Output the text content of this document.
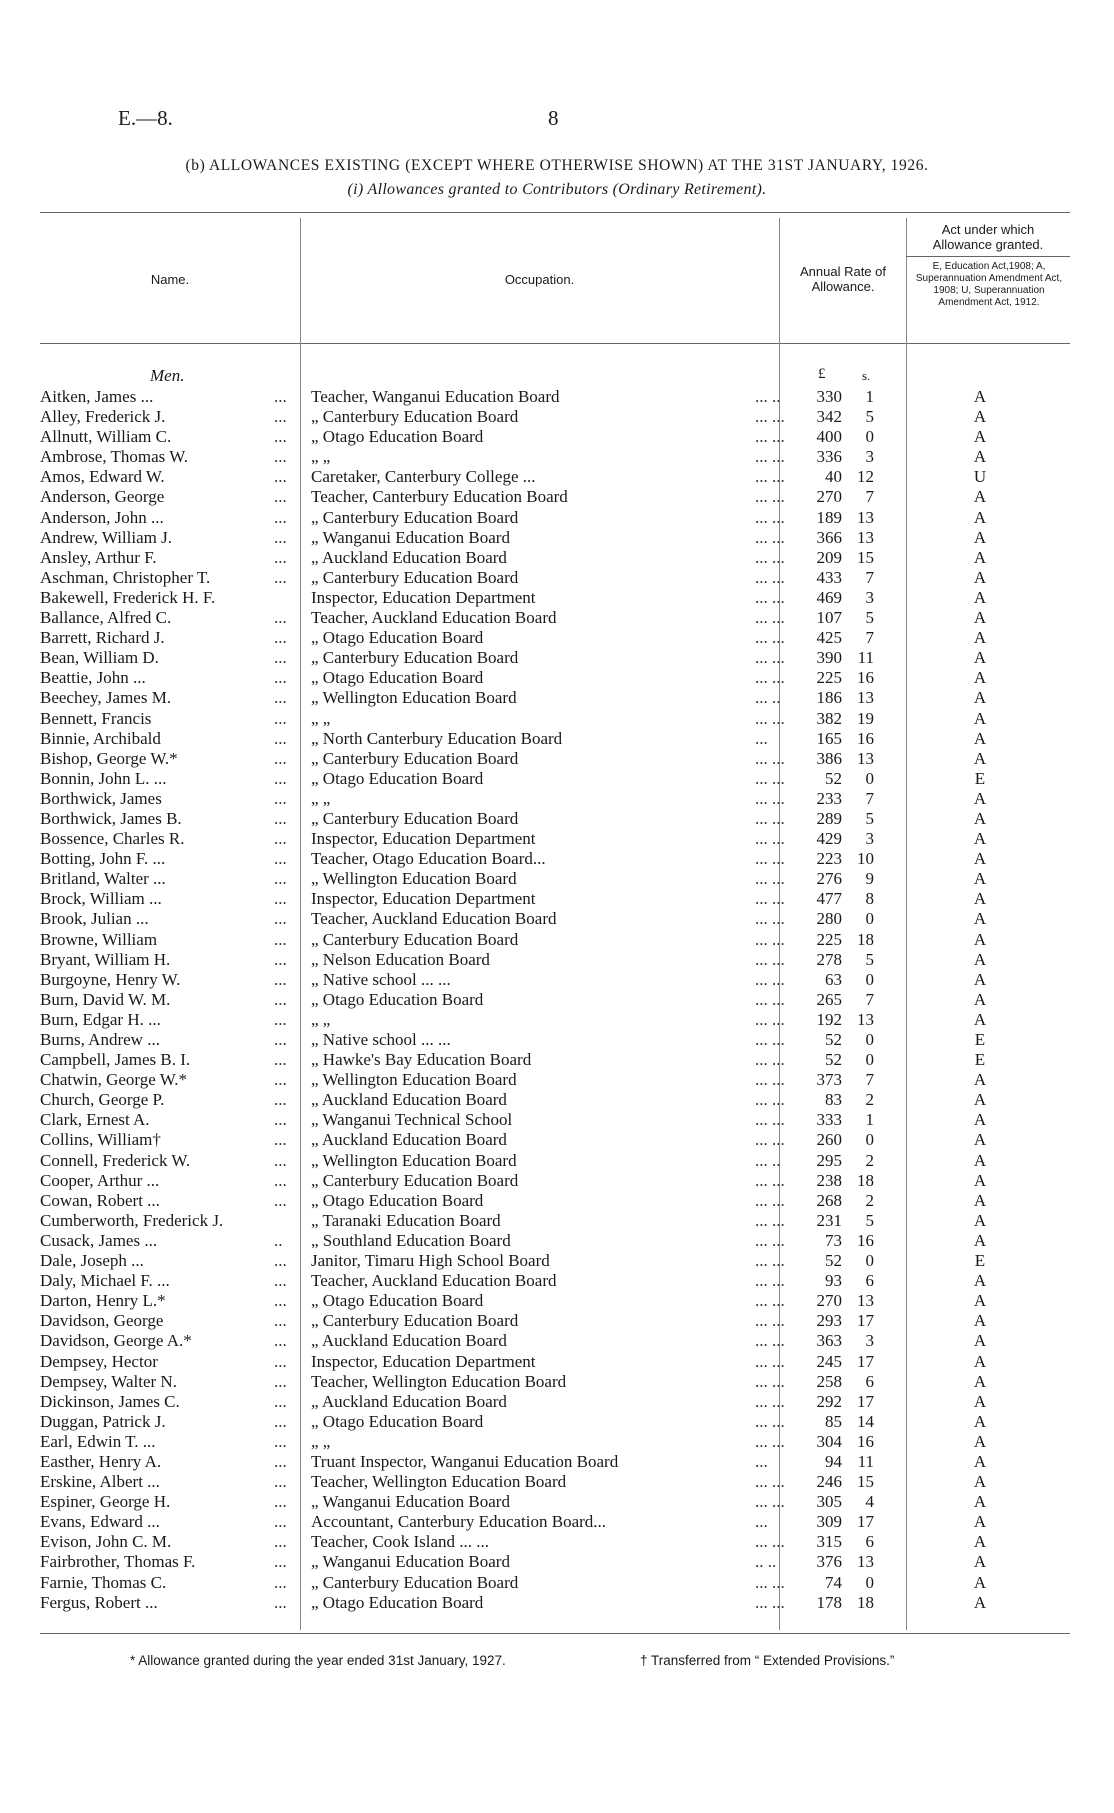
E.—8.	8
(b) ALLOWANCES EXISTING (EXCEPT WHERE OTHERWISE SHOWN) AT THE 31ST JANUARY, 1926.
(i) Allowances granted to Contributors (Ordinary Retirement).
Name.	Occupation.
Annual Rate of Allowance.
Act under which Allowance granted.
E, Education Act,1908; A, Superannuation Amendment Act, 1908; U, Superannuation Amendment Act, 1912.
Men.	£	s.
Aitken, James ...	... Teacher, Wanganui Education Board	... ..	330	1	A
Alley, Frederick J.	... „ Canterbury Education Board	... ...	342	5	A
Allnutt, William C.	... „ Otago Education Board	... ...	400	0	A
Ambrose, Thomas W.	... „ „	... ...	336	3	A
Amos, Edward W.	... Caretaker, Canterbury College ...	... ...	40 12	U
Anderson, George	... Teacher, Canterbury Education Board	... ...	270	7	A
Anderson, John ...	... „ Canterbury Education Board	... ...	189 13	A
Andrew, William J.	... „ Wanganui Education Board	... ...	366 13	A
Ansley, Arthur F.	... „ Auckland Education Board	... ...	209 15	A
Aschman, Christopher T.	... „ Canterbury Education Board	... ...	433	7	A
Bakewell, Frederick H. F.	Inspector, Education Department	... ...	469	3	A
Ballance, Alfred C.	... Teacher, Auckland Education Board	... ...	107	5	A
Barrett, Richard J.	... „ Otago Education Board	... ...	425	7	A
Bean, William D.	... „ Canterbury Education Board	... ...	390 11	A
Beattie, John ...	... „ Otago Education Board	... ...	225 16	A
Beechey, James M.	... „ Wellington Education Board	... ..	186 13	A
Bennett, Francis	... „ „	... ...	382 19	A
Binnie, Archibald	... „ North Canterbury Education Board	...	165 16	A
Bishop, George W.*	... „ Canterbury Education Board	... ...	386 13	A
Bonnin, John L. ...	... „ Otago Education Board	... ...	52	0	E
Borthwick, James	... „ „	... ...	233	7	A
Borthwick, James B.	... „ Canterbury Education Board	... ...	289	5	A
Bossence, Charles R.	... Inspector, Education Department	... ...	429	3	A
Botting, John F. ...	... Teacher, Otago Education Board...	... ...	223 10	A
Britland, Walter ...	... „ Wellington Education Board	... ...	276	9	A
Brock, William ...	... Inspector, Education Department	... ...	477	8	A
Brook, Julian ...	... Teacher, Auckland Education Board	... ...	280	0	A
Browne, William	... „ Canterbury Education Board	... ...	225 18	A
Bryant, William H.	... „ Nelson Education Board	... ...	278	5	A
Burgoyne, Henry W.	... „ Native school ... ...	... ...	63	0	A
Burn, David W. M.	... „ Otago Education Board	... ...	265	7	A
Burn, Edgar H. ...	... „ „	... ...	192 13	A
Burns, Andrew ...	... „ Native school ... ...	... ...	52	0	E
Campbell, James B. I.	... „ Hawke's Bay Education Board	... ...	52	0	E
Chatwin, George W.*	... „ Wellington Education Board	... ...	373	7	A
Church, George P.	... „ Auckland Education Board	... ...	83	2	A
Clark, Ernest A.	... „ Wanganui Technical School	... ...	333	1	A
Collins, William†	... „ Auckland Education Board	... ...	260	0	A
Connell, Frederick W.	... „ Wellington Education Board	... ..	295	2	A
Cooper, Arthur ...	... „ Canterbury Education Board	... ...	238 18	A
Cowan, Robert ...	... „ Otago Education Board	... ...	268	2	A
Cumberworth, Frederick J.	„ Taranaki Education Board	... ...	231	5	A
Cusack, James ...	.. „ Southland Education Board	... ...	73 16	A
Dale, Joseph ...	... Janitor, Timaru High School Board	... ...	52	0	E
Daly, Michael F. ...	... Teacher, Auckland Education Board	... ...	93	6	A
Darton, Henry L.*	... „ Otago Education Board	... ...	270 13	A
Davidson, George	... „ Canterbury Education Board	... ...	293 17	A
Davidson, George A.*	... „ Auckland Education Board	... ...	363	3	A
Dempsey, Hector	... Inspector, Education Department	... ...	245 17	A
Dempsey, Walter N.	... Teacher, Wellington Education Board	... ...	258	6	A
Dickinson, James C.	... „ Auckland Education Board	... ...	292 17	A
Duggan, Patrick J.	... „ Otago Education Board	... ...	85 14	A
Earl, Edwin T. ...	... „ „	... ...	304 16	A
Easther, Henry A.	... Truant Inspector, Wanganui Education Board	...	94 11	A
Erskine, Albert ...	... Teacher, Wellington Education Board	... ...	246 15	A
Espiner, George H.	... „ Wanganui Education Board	... ...	305	4	A
Evans, Edward ...	... Accountant, Canterbury Education Board...	...	309 17	A
Evison, John C. M.	... Teacher, Cook Island ... ...	... ...	315	6	A
Fairbrother, Thomas F.	... „ Wanganui Education Board	.. ..	376 13	A
Farnie, Thomas C.	... „ Canterbury Education Board	... ...	74	0	A
Fergus, Robert ...	... „ Otago Education Board	... ...	178 18	A
* Allowance granted during the year ended 31st January, 1927.	† Transferred from “ Extended Provisions.”
